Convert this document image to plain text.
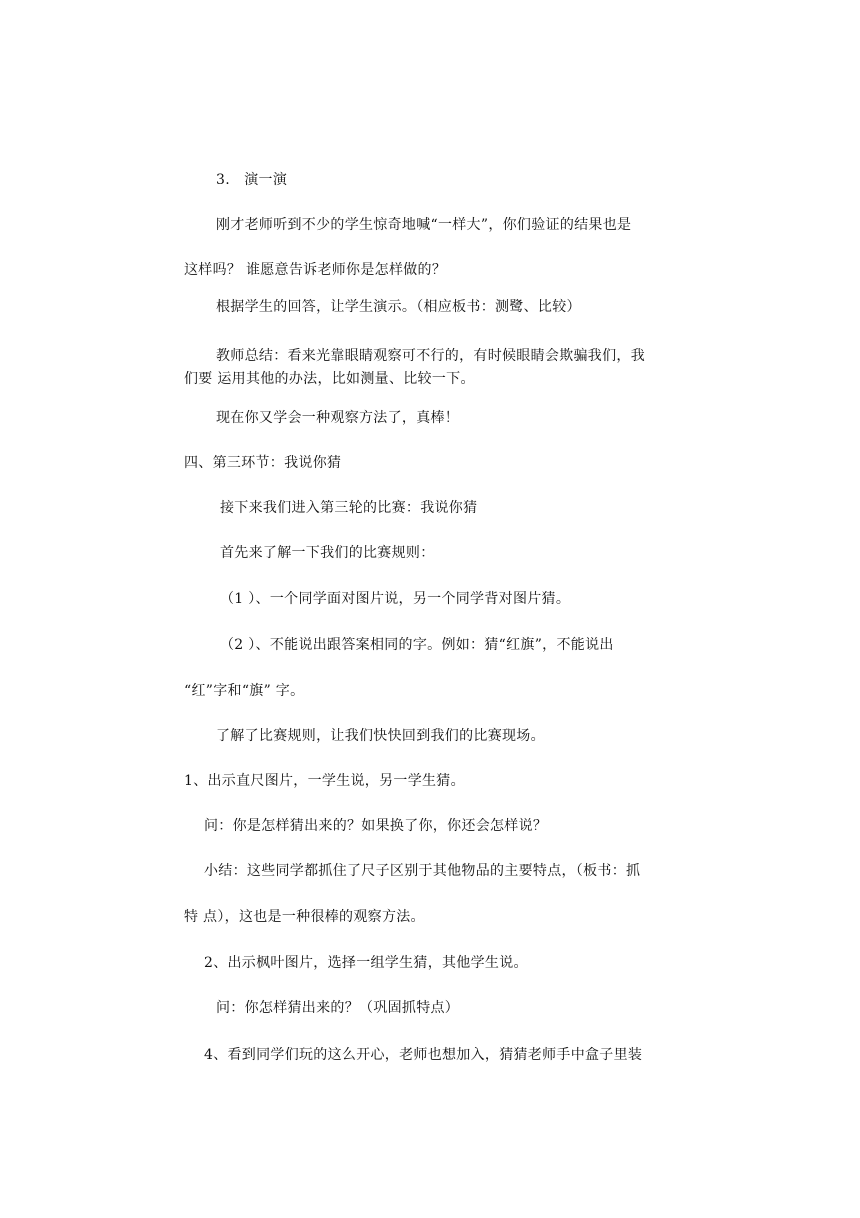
3.　演一演
刚才老师听到不少的学生惊奇地喊“一样大”，你们验证的结果也是
这样吗？ 谁愿意告诉老师你是怎样做的？
根据学生的回答，让学生演示。（相应板书：测鹭、比较）
教师总结：看来光靠眼睛观察可不行的，有时候眼睛会欺骗我们，我
们要 运用其他的办法，比如测量、比较一下。
现在你又学会一种观察方法了，真棒！
四、第三环节：我说你猜
接下来我们进入第三轮的比赛：我说你猜
首先来了解一下我们的比赛规则：
（1 ）、一个同学面对图片说，另一个同学背对图片猜。
（2 ）、不能说出跟答案相同的字。例如：猜“红旗”，不能说出
“红”字和“旗” 字。
了解了比赛规则，让我们快快回到我们的比赛现场。
1、出示直尺图片，一学生说，另一学生猜。
问：你是怎样猜出来的？如果换了你，你还会怎样说？
小结：这些同学都抓住了尺子区别于其他物品的主要特点，（板书：抓
特 点），这也是一种很棒的观察方法。
2、出示枫叶图片，选择一组学生猜，其他学生说。
问：你怎样猜出来的？（巩固抓特点）
4、看到同学们玩的这么开心，老师也想加入，猜猜老师手中盒子里装
